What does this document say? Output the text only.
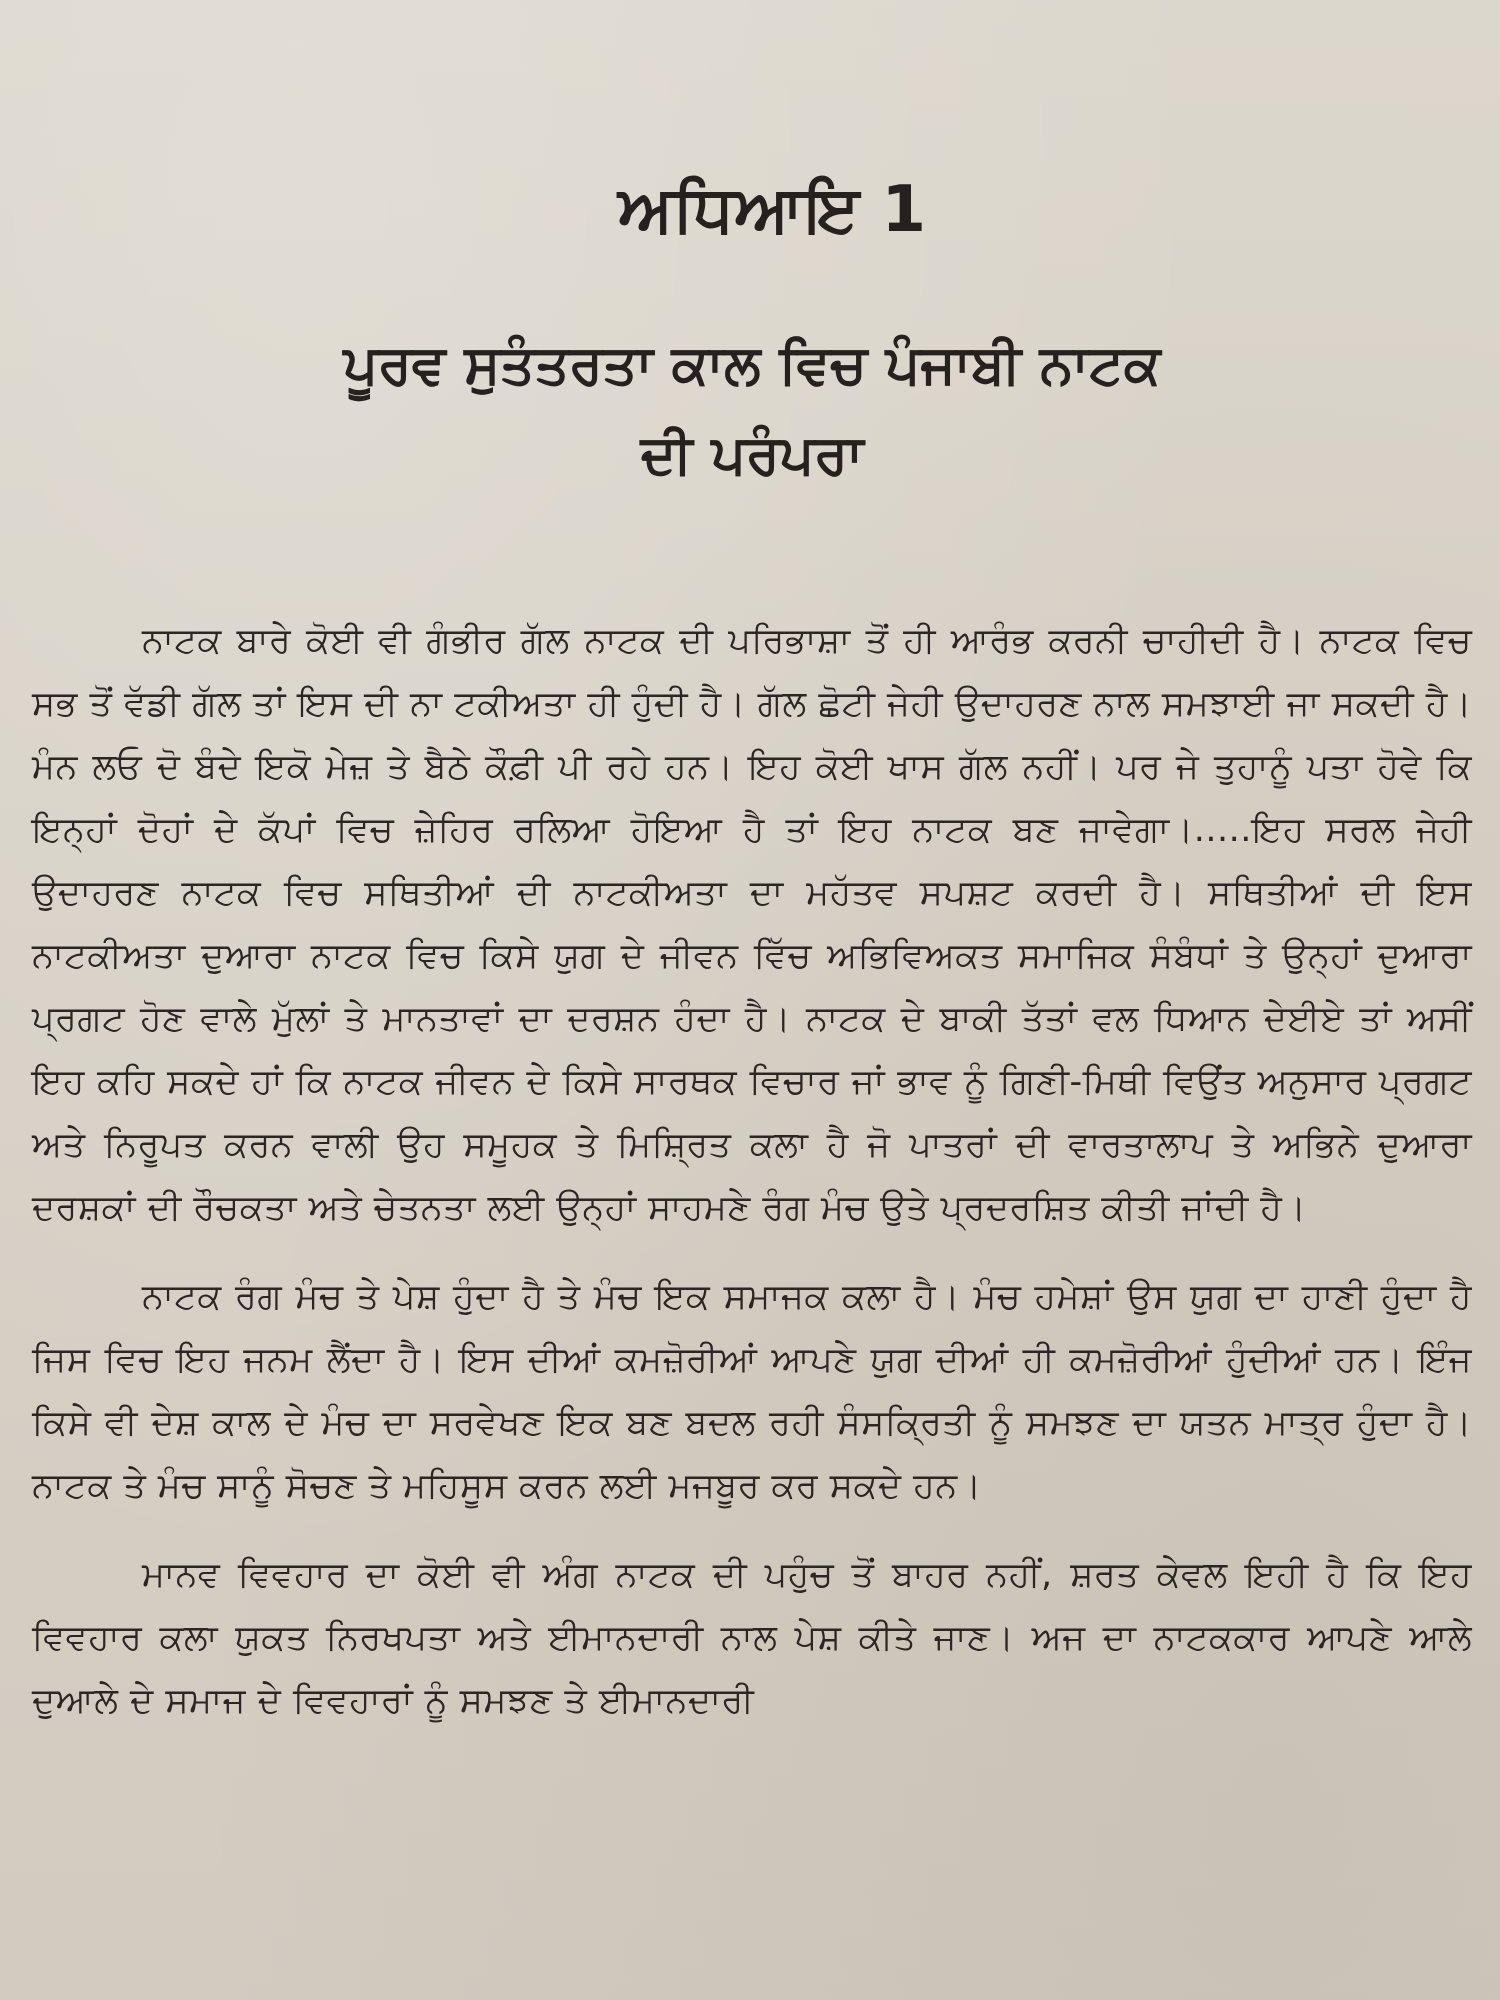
ਅਧਿਆਇ 1
ਪੂਰਵ ਸੁਤੰਤਰਤਾ ਕਾਲ ਵਿਚ ਪੰਜਾਬੀ ਨਾਟਕ
ਦੀ ਪਰੰਪਰਾ

ਨਾਟਕ ਬਾਰੇ ਕੋਈ ਵੀ ਗੰਭੀਰ ਗੱਲ ਨਾਟਕ ਦੀ ਪਰਿਭਾਸ਼ਾ ਤੋਂ ਹੀ ਆਰੰਭ ਕਰਨੀ ਚਾਹੀਦੀ ਹੈ। ਨਾਟਕ ਵਿਚ ਸਭ ਤੋਂ ਵੱਡੀ ਗੱਲ ਤਾਂ ਇਸ ਦੀ ਨਾ ਟਕੀਅਤਾ ਹੀ ਹੁੰਦੀ ਹੈ। ਗੱਲ ਛੋਟੀ ਜੇਹੀ ਉਦਾਹਰਣ ਨਾਲ ਸਮਝਾਈ ਜਾ ਸਕਦੀ ਹੈ। ਮੰਨ ਲਓ ਦੋ ਬੰਦੇ ਇਕੋ ਮੇਜ਼ ਤੇ ਬੈਠੇ ਕੌਫ਼ੀ ਪੀ ਰਹੇ ਹਨ। ਇਹ ਕੋਈ ਖਾਸ ਗੱਲ ਨਹੀਂ। ਪਰ ਜੇ ਤੁਹਾਨੂੰ ਪਤਾ ਹੋਵੇ ਕਿ ਇਨ੍ਹਾਂ ਦੋਹਾਂ ਦੇ ਕੱਪਾਂ ਵਿਚ ਜ਼ੇਹਿਰ ਰਲਿਆ ਹੋਇਆ ਹੈ ਤਾਂ ਇਹ ਨਾਟਕ ਬਣ ਜਾਵੇਗਾ।.....ਇਹ ਸਰਲ ਜੇਹੀ ਉਦਾਹਰਣ ਨਾਟਕ ਵਿਚ ਸਥਿਤੀਆਂ ਦੀ ਨਾਟਕੀਅਤਾ ਦਾ ਮਹੱਤਵ ਸਪਸ਼ਟ ਕਰਦੀ ਹੈ। ਸਥਿਤੀਆਂ ਦੀ ਇਸ ਨਾਟਕੀਅਤਾ ਦੁਆਰਾ ਨਾਟਕ ਵਿਚ ਕਿਸੇ ਯੁਗ ਦੇ ਜੀਵਨ ਵਿੱਚ ਅਭਿਵਿਅਕਤ ਸਮਾਜਿਕ ਸੰਬੰਧਾਂ ਤੇ ਉਨ੍ਹਾਂ ਦੁਆਰਾ ਪ੍ਰਗਟ ਹੋਣ ਵਾਲੇ ਮੁੱਲਾਂ ਤੇ ਮਾਨਤਾਵਾਂ ਦਾ ਦਰਸ਼ਨ ਹੰਦਾ ਹੈ। ਨਾਟਕ ਦੇ ਬਾਕੀ ਤੱਤਾਂ ਵਲ ਧਿਆਨ ਦੇਈਏ ਤਾਂ ਅਸੀਂ ਇਹ ਕਹਿ ਸਕਦੇ ਹਾਂ ਕਿ ਨਾਟਕ ਜੀਵਨ ਦੇ ਕਿਸੇ ਸਾਰਥਕ ਵਿਚਾਰ ਜਾਂ ਭਾਵ ਨੂੰ ਗਿਣੀ-ਮਿਥੀ ਵਿਉਂਤ ਅਨੁਸਾਰ ਪ੍ਰਗਟ ਅਤੇ ਨਿਰੂਪਤ ਕਰਨ ਵਾਲੀ ਉਹ ਸਮੂਹਕ ਤੇ ਮਿਸ਼੍ਰਿਤ ਕਲਾ ਹੈ ਜੋ ਪਾਤਰਾਂ ਦੀ ਵਾਰਤਾਲਾਪ ਤੇ ਅਭਿਨੇ ਦੁਆਰਾ ਦਰਸ਼ਕਾਂ ਦੀ ਰੌਚਕਤਾ ਅਤੇ ਚੇਤਨਤਾ ਲਈ ਉਨ੍ਹਾਂ ਸਾਹਮਣੇ ਰੰਗ ਮੰਚ ਉਤੇ ਪ੍ਰਦਰਸ਼ਿਤ ਕੀਤੀ ਜਾਂਦੀ ਹੈ।

ਨਾਟਕ ਰੰਗ ਮੰਚ ਤੇ ਪੇਸ਼ ਹੁੰਦਾ ਹੈ ਤੇ ਮੰਚ ਇਕ ਸਮਾਜਕ ਕਲਾ ਹੈ। ਮੰਚ ਹਮੇਸ਼ਾਂ ਉਸ ਯੁਗ ਦਾ ਹਾਣੀ ਹੁੰਦਾ ਹੈ ਜਿਸ ਵਿਚ ਇਹ ਜਨਮ ਲੈਂਦਾ ਹੈ। ਇਸ ਦੀਆਂ ਕਮਜ਼ੋਰੀਆਂ ਆਪਣੇ ਯੁਗ ਦੀਆਂ ਹੀ ਕਮਜ਼ੋਰੀਆਂ ਹੁੰਦੀਆਂ ਹਨ। ਇੰਜ ਕਿਸੇ ਵੀ ਦੇਸ਼ ਕਾਲ ਦੇ ਮੰਚ ਦਾ ਸਰਵੇਖਣ ਇਕ ਬਣ ਬਦਲ ਰਹੀ ਸੰਸਕ੍ਰਿਤੀ ਨੂੰ ਸਮਝਣ ਦਾ ਯਤਨ ਮਾਤ੍ਰ ਹੁੰਦਾ ਹੈ। ਨਾਟਕ ਤੇ ਮੰਚ ਸਾਨੂੰ ਸੋਚਣ ਤੇ ਮਹਿਸੂਸ ਕਰਨ ਲਈ ਮਜਬੂਰ ਕਰ ਸਕਦੇ ਹਨ।

ਮਾਨਵ ਵਿਵਹਾਰ ਦਾ ਕੋਈ ਵੀ ਅੰਗ ਨਾਟਕ ਦੀ ਪਹੁੰਚ ਤੋਂ ਬਾਹਰ ਨਹੀਂ, ਸ਼ਰਤ ਕੇਵਲ ਇਹੀ ਹੈ ਕਿ ਇਹ ਵਿਵਹਾਰ ਕਲਾ ਯੁਕਤ ਨਿਰਖਪਤਾ ਅਤੇ ਈਮਾਨਦਾਰੀ ਨਾਲ ਪੇਸ਼ ਕੀਤੇ ਜਾਣ। ਅਜ ਦਾ ਨਾਟਕਕਾਰ ਆਪਣੇ ਆਲੇ ਦੁਆਲੇ ਦੇ ਸਮਾਜ ਦੇ ਵਿਵਹਾਰਾਂ ਨੂੰ ਸਮਝਣ ਤੇ ਈਮਾਨਦਾਰੀ
